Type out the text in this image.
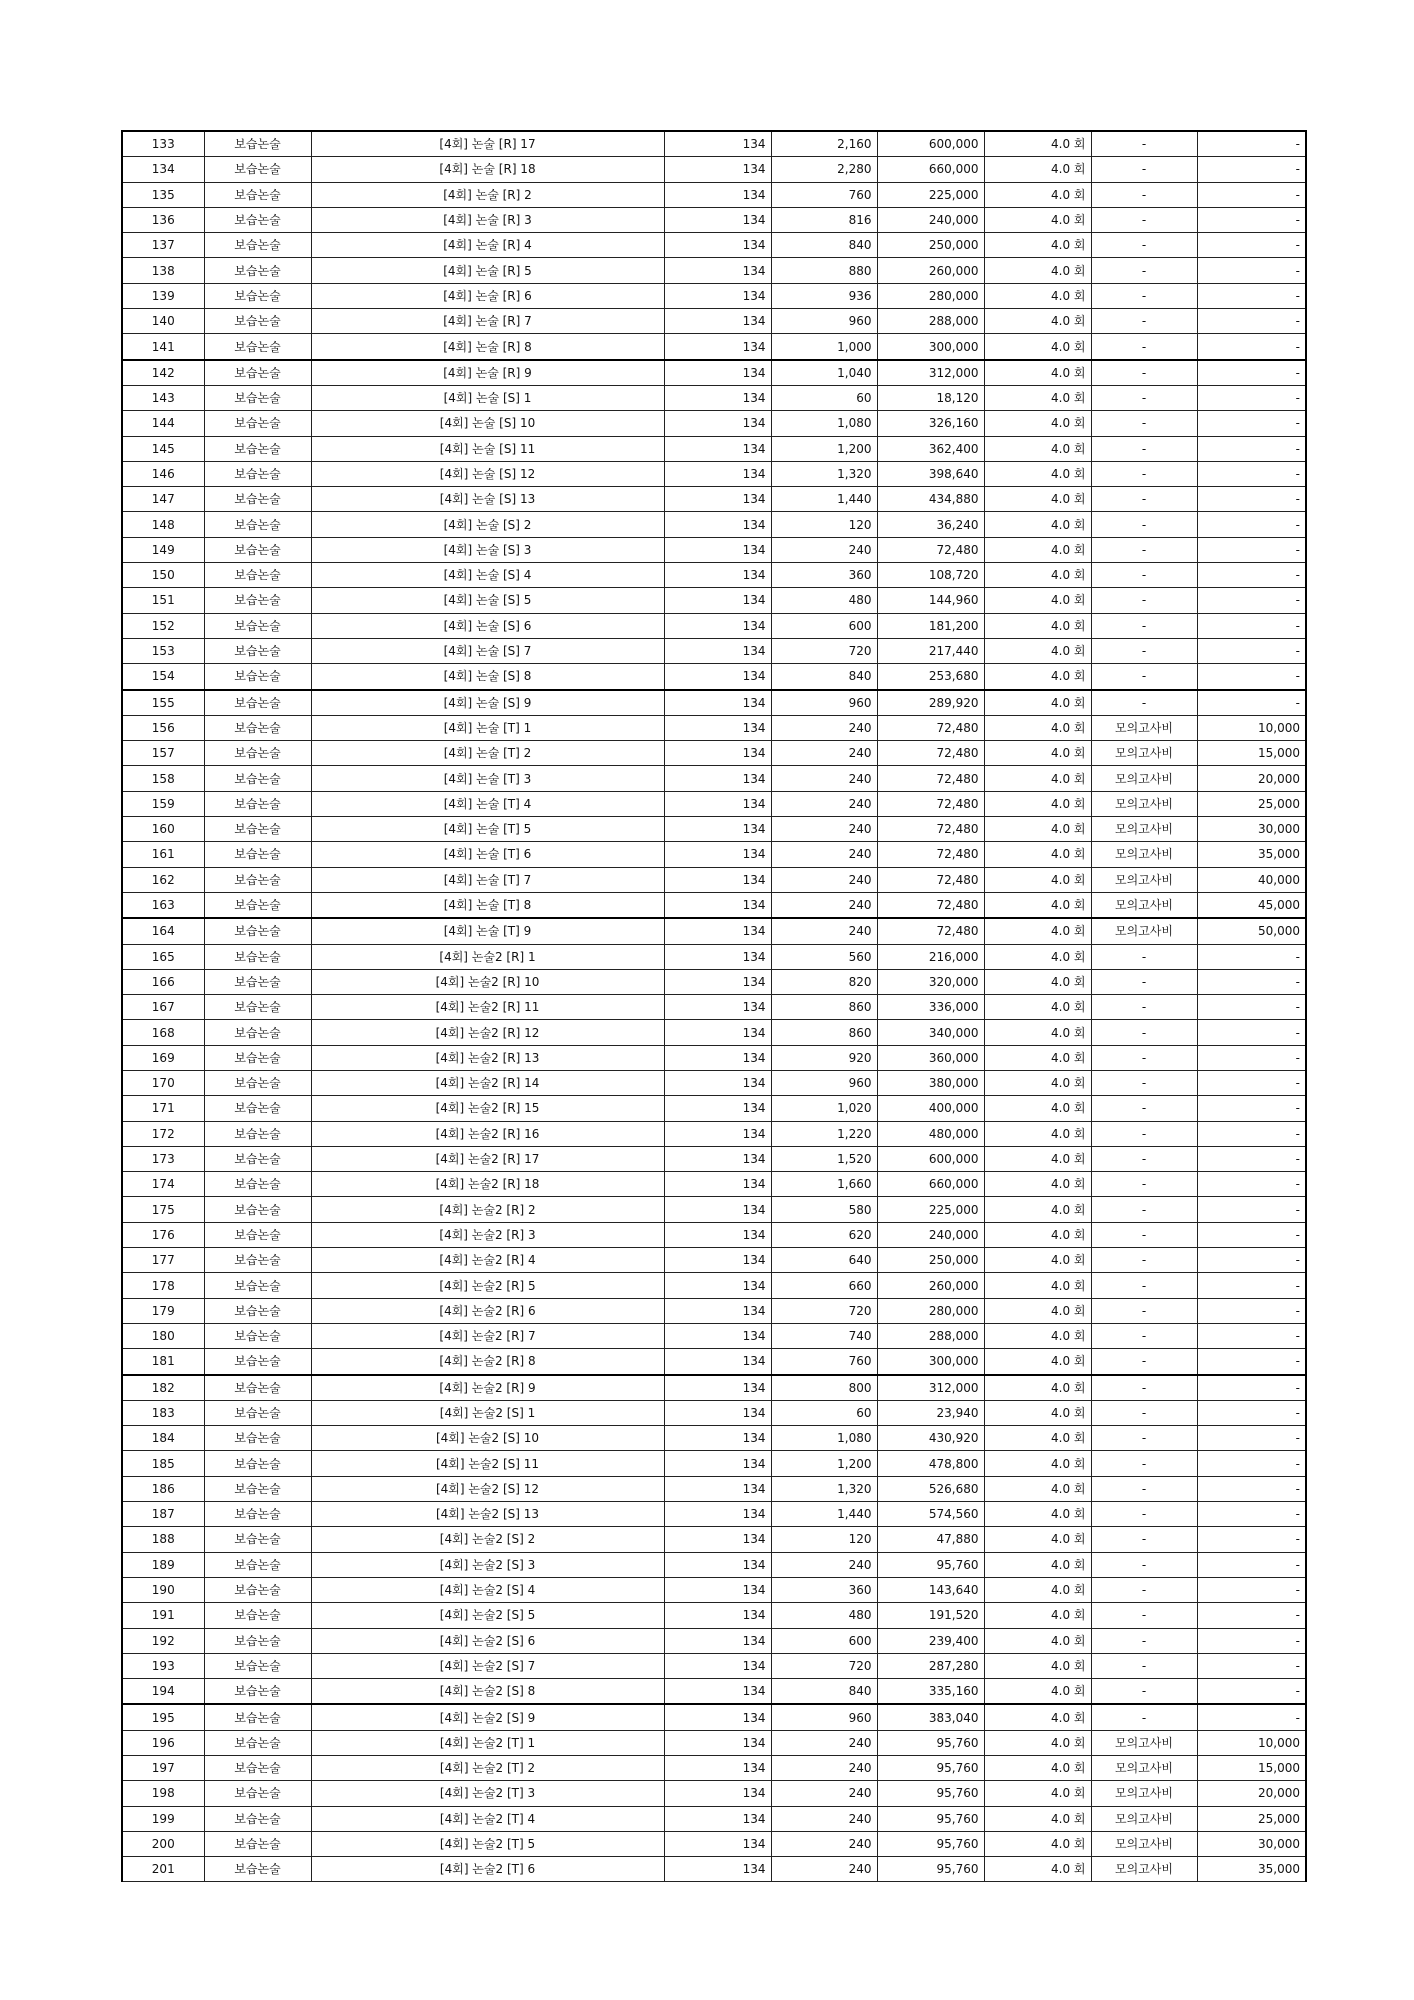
133	보습논술	[4회] 논술 [R] 17	134	2,160	600,000	4.0 회	-	-
134	보습논술	[4회] 논술 [R] 18	134	2,280	660,000	4.0 회	-	-
135	보습논술	[4회] 논술 [R] 2	134	760	225,000	4.0 회	-	-
136	보습논술	[4회] 논술 [R] 3	134	816	240,000	4.0 회	-	-
137	보습논술	[4회] 논술 [R] 4	134	840	250,000	4.0 회	-	-
138	보습논술	[4회] 논술 [R] 5	134	880	260,000	4.0 회	-	-
139	보습논술	[4회] 논술 [R] 6	134	936	280,000	4.0 회	-	-
140	보습논술	[4회] 논술 [R] 7	134	960	288,000	4.0 회	-	-
141	보습논술	[4회] 논술 [R] 8	134	1,000	300,000	4.0 회	-	-
142	보습논술	[4회] 논술 [R] 9	134	1,040	312,000	4.0 회	-	-
143	보습논술	[4회] 논술 [S] 1	134	60	18,120	4.0 회	-	-
144	보습논술	[4회] 논술 [S] 10	134	1,080	326,160	4.0 회	-	-
145	보습논술	[4회] 논술 [S] 11	134	1,200	362,400	4.0 회	-	-
146	보습논술	[4회] 논술 [S] 12	134	1,320	398,640	4.0 회	-	-
147	보습논술	[4회] 논술 [S] 13	134	1,440	434,880	4.0 회	-	-
148	보습논술	[4회] 논술 [S] 2	134	120	36,240	4.0 회	-	-
149	보습논술	[4회] 논술 [S] 3	134	240	72,480	4.0 회	-	-
150	보습논술	[4회] 논술 [S] 4	134	360	108,720	4.0 회	-	-
151	보습논술	[4회] 논술 [S] 5	134	480	144,960	4.0 회	-	-
152	보습논술	[4회] 논술 [S] 6	134	600	181,200	4.0 회	-	-
153	보습논술	[4회] 논술 [S] 7	134	720	217,440	4.0 회	-	-
154	보습논술	[4회] 논술 [S] 8	134	840	253,680	4.0 회	-	-
155	보습논술	[4회] 논술 [S] 9	134	960	289,920	4.0 회	-	-
156	보습논술	[4회] 논술 [T] 1	134	240	72,480	4.0 회	모의고사비	10,000
157	보습논술	[4회] 논술 [T] 2	134	240	72,480	4.0 회	모의고사비	15,000
158	보습논술	[4회] 논술 [T] 3	134	240	72,480	4.0 회	모의고사비	20,000
159	보습논술	[4회] 논술 [T] 4	134	240	72,480	4.0 회	모의고사비	25,000
160	보습논술	[4회] 논술 [T] 5	134	240	72,480	4.0 회	모의고사비	30,000
161	보습논술	[4회] 논술 [T] 6	134	240	72,480	4.0 회	모의고사비	35,000
162	보습논술	[4회] 논술 [T] 7	134	240	72,480	4.0 회	모의고사비	40,000
163	보습논술	[4회] 논술 [T] 8	134	240	72,480	4.0 회	모의고사비	45,000
164	보습논술	[4회] 논술 [T] 9	134	240	72,480	4.0 회	모의고사비	50,000
165	보습논술	[4회] 논술2 [R] 1	134	560	216,000	4.0 회	-	-
166	보습논술	[4회] 논술2 [R] 10	134	820	320,000	4.0 회	-	-
167	보습논술	[4회] 논술2 [R] 11	134	860	336,000	4.0 회	-	-
168	보습논술	[4회] 논술2 [R] 12	134	860	340,000	4.0 회	-	-
169	보습논술	[4회] 논술2 [R] 13	134	920	360,000	4.0 회	-	-
170	보습논술	[4회] 논술2 [R] 14	134	960	380,000	4.0 회	-	-
171	보습논술	[4회] 논술2 [R] 15	134	1,020	400,000	4.0 회	-	-
172	보습논술	[4회] 논술2 [R] 16	134	1,220	480,000	4.0 회	-	-
173	보습논술	[4회] 논술2 [R] 17	134	1,520	600,000	4.0 회	-	-
174	보습논술	[4회] 논술2 [R] 18	134	1,660	660,000	4.0 회	-	-
175	보습논술	[4회] 논술2 [R] 2	134	580	225,000	4.0 회	-	-
176	보습논술	[4회] 논술2 [R] 3	134	620	240,000	4.0 회	-	-
177	보습논술	[4회] 논술2 [R] 4	134	640	250,000	4.0 회	-	-
178	보습논술	[4회] 논술2 [R] 5	134	660	260,000	4.0 회	-	-
179	보습논술	[4회] 논술2 [R] 6	134	720	280,000	4.0 회	-	-
180	보습논술	[4회] 논술2 [R] 7	134	740	288,000	4.0 회	-	-
181	보습논술	[4회] 논술2 [R] 8	134	760	300,000	4.0 회	-	-
182	보습논술	[4회] 논술2 [R] 9	134	800	312,000	4.0 회	-	-
183	보습논술	[4회] 논술2 [S] 1	134	60	23,940	4.0 회	-	-
184	보습논술	[4회] 논술2 [S] 10	134	1,080	430,920	4.0 회	-	-
185	보습논술	[4회] 논술2 [S] 11	134	1,200	478,800	4.0 회	-	-
186	보습논술	[4회] 논술2 [S] 12	134	1,320	526,680	4.0 회	-	-
187	보습논술	[4회] 논술2 [S] 13	134	1,440	574,560	4.0 회	-	-
188	보습논술	[4회] 논술2 [S] 2	134	120	47,880	4.0 회	-	-
189	보습논술	[4회] 논술2 [S] 3	134	240	95,760	4.0 회	-	-
190	보습논술	[4회] 논술2 [S] 4	134	360	143,640	4.0 회	-	-
191	보습논술	[4회] 논술2 [S] 5	134	480	191,520	4.0 회	-	-
192	보습논술	[4회] 논술2 [S] 6	134	600	239,400	4.0 회	-	-
193	보습논술	[4회] 논술2 [S] 7	134	720	287,280	4.0 회	-	-
194	보습논술	[4회] 논술2 [S] 8	134	840	335,160	4.0 회	-	-
195	보습논술	[4회] 논술2 [S] 9	134	960	383,040	4.0 회	-	-
196	보습논술	[4회] 논술2 [T] 1	134	240	95,760	4.0 회	모의고사비	10,000
197	보습논술	[4회] 논술2 [T] 2	134	240	95,760	4.0 회	모의고사비	15,000
198	보습논술	[4회] 논술2 [T] 3	134	240	95,760	4.0 회	모의고사비	20,000
199	보습논술	[4회] 논술2 [T] 4	134	240	95,760	4.0 회	모의고사비	25,000
200	보습논술	[4회] 논술2 [T] 5	134	240	95,760	4.0 회	모의고사비	30,000
201	보습논술	[4회] 논술2 [T] 6	134	240	95,760	4.0 회	모의고사비	35,000
